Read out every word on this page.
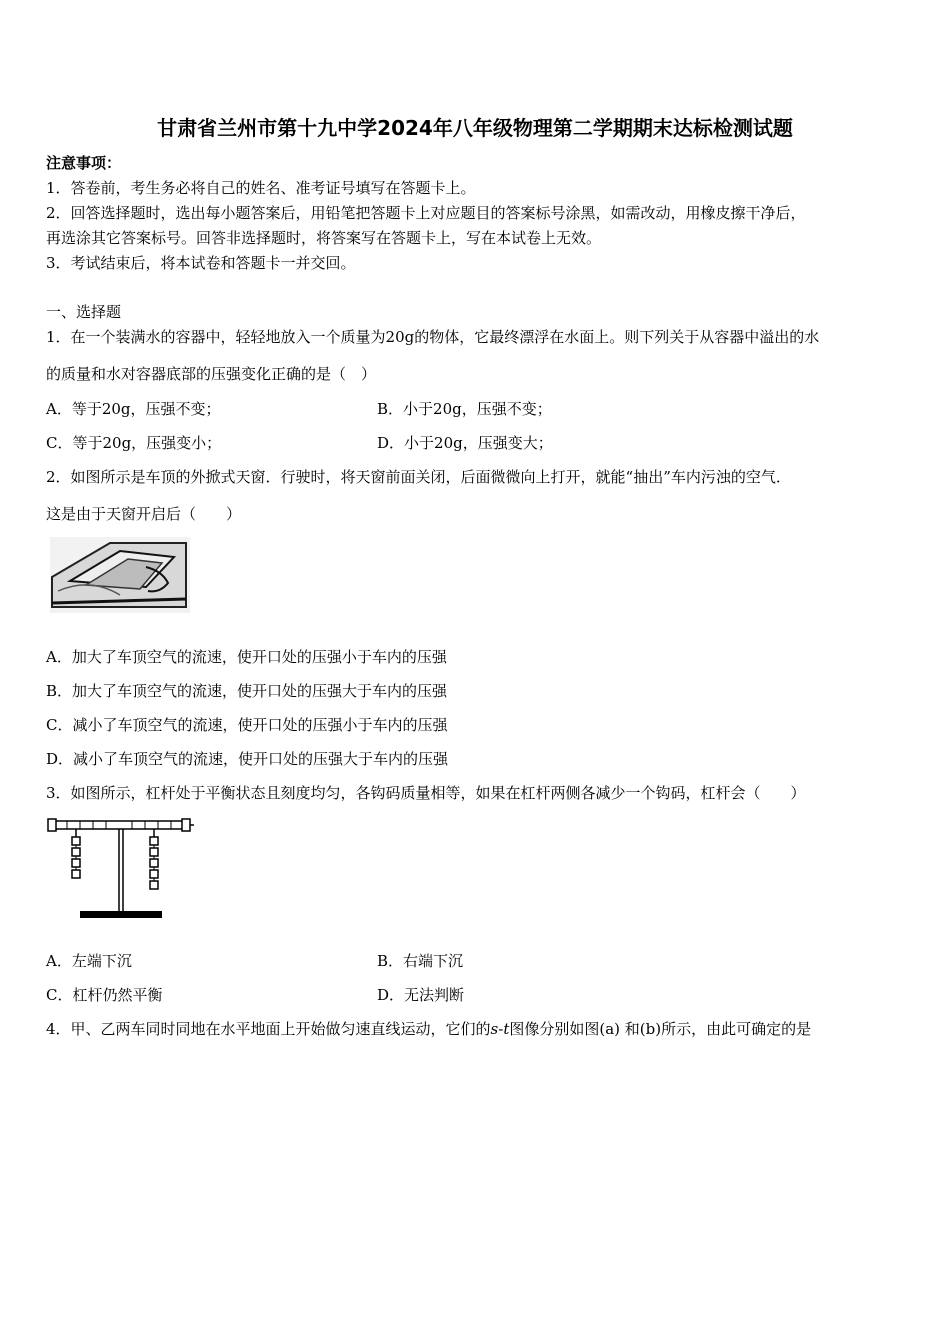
甘肃省兰州市第十九中学2024年八年级物理第二学期期末达标检测试题
注意事项：
1．答卷前，考生务必将自己的姓名、准考证号填写在答题卡上。
2．回答选择题时，选出每小题答案后，用铅笔把答题卡上对应题目的答案标号涂黑，如需改动，用橡皮擦干净后，
再选涂其它答案标号。回答非选择题时，将答案写在答题卡上，写在本试卷上无效。
3．考试结束后，将本试卷和答题卡一并交回。
一、选择题
1．在一个装满水的容器中，轻轻地放入一个质量为20g的物体，它最终漂浮在水面上。则下列关于从容器中溢出的水
的质量和水对容器底部的压强变化正确的是（　）
A．等于20g，压强不变；	B．小于20g，压强不变；
C．等于20g，压强变小；	D．小于20g，压强变大；
2．如图所示是车顶的外掀式天窗．行驶时，将天窗前面关闭，后面微微向上打开，就能“抽出”车内污浊的空气．
这是由于天窗开启后（　　）
A．加大了车顶空气的流速，使开口处的压强小于车内的压强
B．加大了车顶空气的流速，使开口处的压强大于车内的压强
C．减小了车顶空气的流速，使开口处的压强小于车内的压强
D．减小了车顶空气的流速，使开口处的压强大于车内的压强
3．如图所示，杠杆处于平衡状态且刻度均匀，各钩码质量相等，如果在杠杆两侧各减少一个钩码，杠杆会（　　）
A．左端下沉	B．右端下沉
C．杠杆仍然平衡	D．无法判断
4．甲、乙两车同时同地在水平地面上开始做匀速直线运动，它们的s-t图像分别如图(a) 和(b)所示，由此可确定的是
